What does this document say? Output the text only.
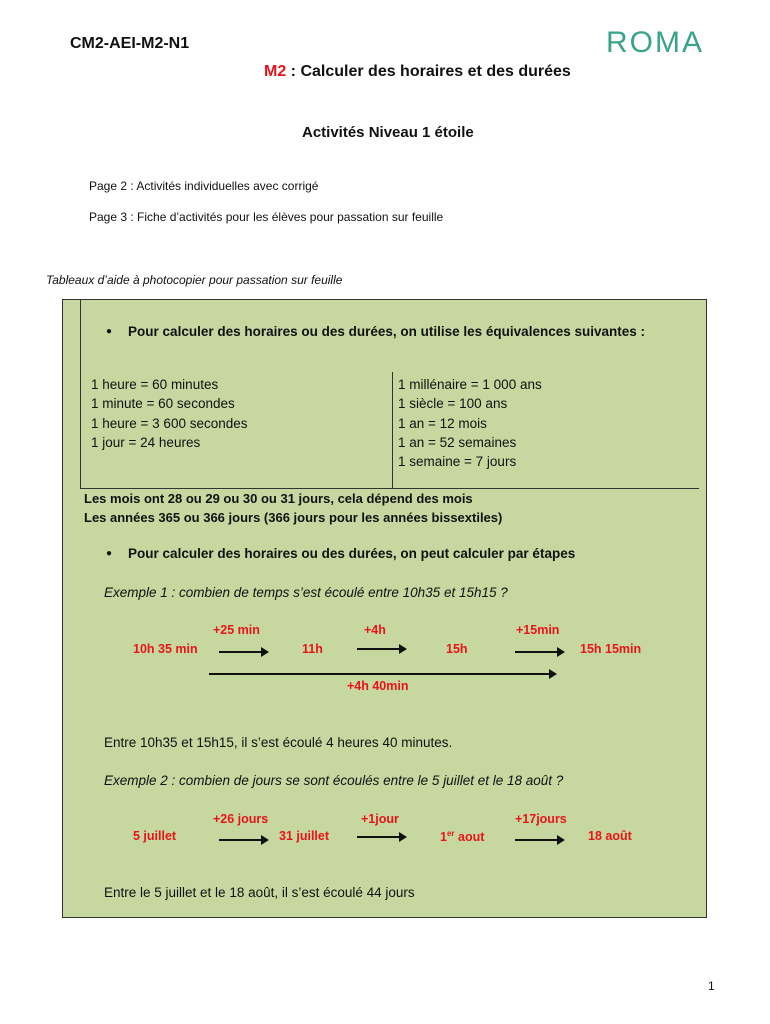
CM2-AEI-M2-N1	ROMA
M2 : Calculer des horaires et des durées
Activités Niveau 1 étoile
Page 2 : Activités individuelles avec corrigé
Page 3 : Fiche d’activités pour les élèves pour passation sur feuille
Tableaux d’aide à photocopier pour passation sur feuille
● Pour calculer des horaires ou des durées, on utilise les équivalences suivantes :
1 heure = 60 minutes
1 minute = 60 secondes
1 heure = 3 600 secondes
1 jour = 24 heures
1 millénaire = 1 000 ans
1 siècle = 100 ans
1 an = 12 mois
1 an = 52 semaines
1 semaine = 7 jours
Les mois ont 28 ou 29 ou 30 ou 31 jours, cela dépend des mois
Les années 365 ou 366 jours (366 jours pour les années bissextiles)
● Pour calculer des horaires ou des durées, on peut calculer par étapes
Exemple 1 : combien de temps s’est écoulé entre 10h35 et 15h15 ?
+25 min	+4h	+15min
10h 35 min	11h	15h	15h 15min
+4h 40min
Entre 10h35 et 15h15, il s’est écoulé 4 heures 40 minutes.
Exemple 2 : combien de jours se sont écoulés entre le 5 juillet et le 18 août ?
+26 jours	+1jour	+17jours
5 juillet	31 juillet	1er aout	18 août
Entre le 5 juillet et le 18 août, il s’est écoulé 44 jours
1
